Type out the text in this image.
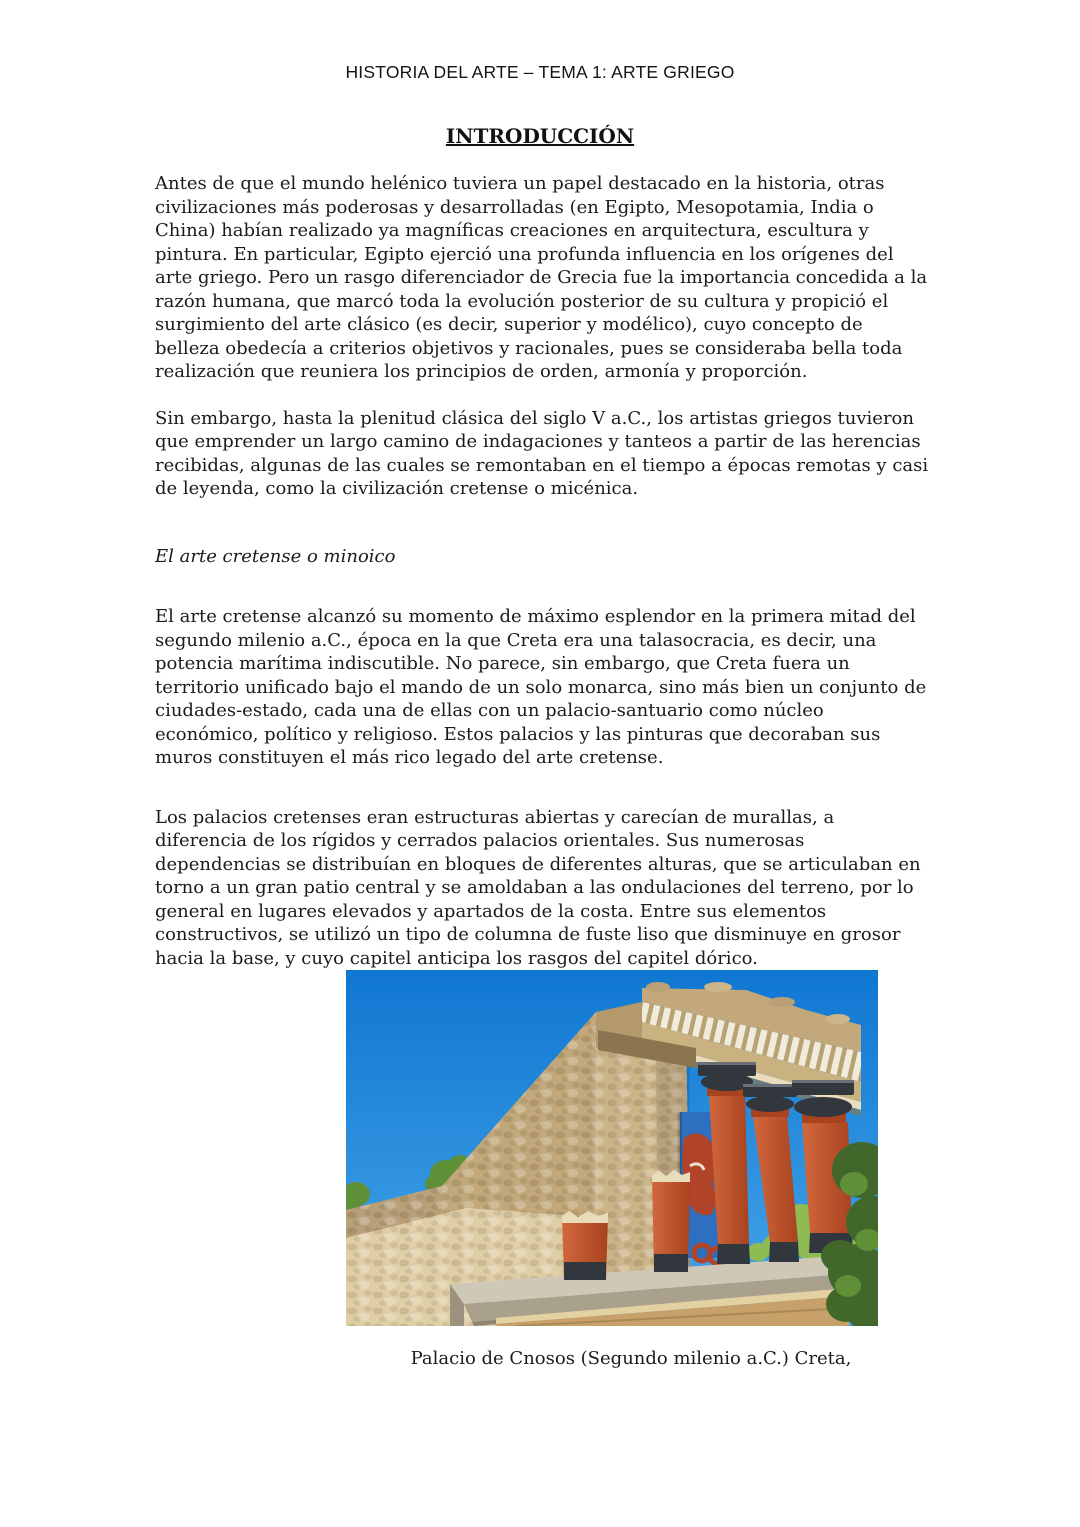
HISTORIA DEL ARTE – TEMA 1: ARTE GRIEGO
INTRODUCCIÓN

Antes de que el mundo helénico tuviera un papel destacado en la historia, otras civilizaciones más poderosas y desarrolladas (en Egipto, Mesopotamia, India o China) habían realizado ya magníficas creaciones en arquitectura, escultura y pintura. En particular, Egipto ejerció una profunda influencia en los orígenes del arte griego. Pero un rasgo diferenciador de Grecia fue la importancia concedida a la razón humana, que marcó toda la evolución posterior de su cultura y propició el surgimiento del arte clásico (es decir, superior y modélico), cuyo concepto de belleza obedecía a criterios objetivos y racionales, pues se consideraba bella toda realización que reuniera los principios de orden, armonía y proporción.

Sin embargo, hasta la plenitud clásica del siglo V a.C., los artistas griegos tuvieron que emprender un largo camino de indagaciones y tanteos a partir de las herencias recibidas, algunas de las cuales se remontaban en el tiempo a épocas remotas y casi de leyenda, como la civilización cretense o micénica.

El arte cretense o minoico

El arte cretense alcanzó su momento de máximo esplendor en la primera mitad del segundo milenio a.C., época en la que Creta era una talasocracia, es decir, una potencia marítima indiscutible. No parece, sin embargo, que Creta fuera un territorio unificado bajo el mando de un solo monarca, sino más bien un conjunto de ciudades-estado, cada una de ellas con un palacio-santuario como núcleo económico, político y religioso. Estos palacios y las pinturas que decoraban sus muros constituyen el más rico legado del arte cretense.

Los palacios cretenses eran estructuras abiertas y carecían de murallas, a diferencia de los rígidos y cerrados palacios orientales. Sus numerosas dependencias se distribuían en bloques de diferentes alturas, que se articulaban en torno a un gran patio central y se amoldaban a las ondulaciones del terreno, por lo general en lugares elevados y apartados de la costa. Entre sus elementos constructivos, se utilizó un tipo de columna de fuste liso que disminuye en grosor hacia la base, y cuyo capitel anticipa los rasgos del capitel dórico.

Palacio de Cnosos (Segundo milenio a.C.) Creta,
